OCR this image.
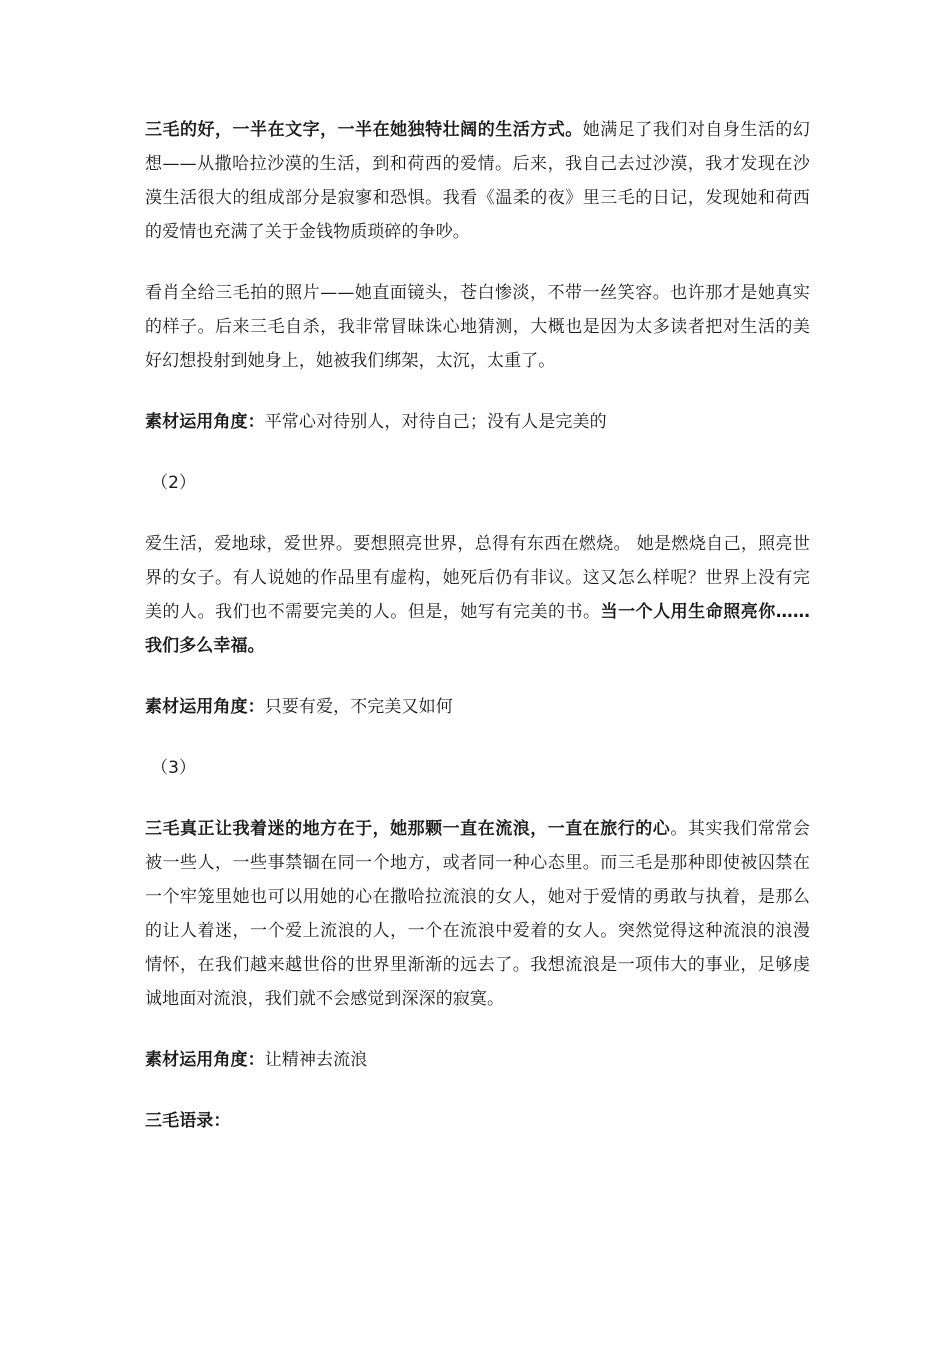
三毛的好，一半在文字，一半在她独特壮阔的生活方式。她满足了我们对自身生活的幻想——从撒哈拉沙漠的生活，到和荷西的爱情。后来，我自己去过沙漠，我才发现在沙漠生活很大的组成部分是寂寥和恐惧。我看《温柔的夜》里三毛的日记，发现她和荷西的爱情也充满了关于金钱物质琐碎的争吵。

看肖全给三毛拍的照片——她直面镜头，苍白惨淡，不带一丝笑容。也许那才是她真实的样子。后来三毛自杀，我非常冒昧诛心地猜测，大概也是因为太多读者把对生活的美好幻想投射到她身上，她被我们绑架，太沉，太重了。

素材运用角度：平常心对待别人，对待自己；没有人是完美的

（2）

爱生活，爱地球，爱世界。要想照亮世界，总得有东西在燃烧。 她是燃烧自己，照亮世界的女子。有人说她的作品里有虚构，她死后仍有非议。这又怎么样呢？世界上没有完美的人。我们也不需要完美的人。但是，她写有完美的书。当一个人用生命照亮你…… 我们多么幸福。

素材运用角度：只要有爱，不完美又如何

（3）

三毛真正让我着迷的地方在于，她那颗一直在流浪，一直在旅行的心。其实我们常常会被一些人，一些事禁锢在同一个地方，或者同一种心态里。而三毛是那种即使被囚禁在一个牢笼里她也可以用她的心在撒哈拉流浪的女人，她对于爱情的勇敢与执着，是那么的让人着迷，一个爱上流浪的人，一个在流浪中爱着的女人。突然觉得这种流浪的浪漫情怀，在我们越来越世俗的世界里渐渐的远去了。我想流浪是一项伟大的事业，足够虔诚地面对流浪，我们就不会感觉到深深的寂寞。

素材运用角度：让精神去流浪

三毛语录：
